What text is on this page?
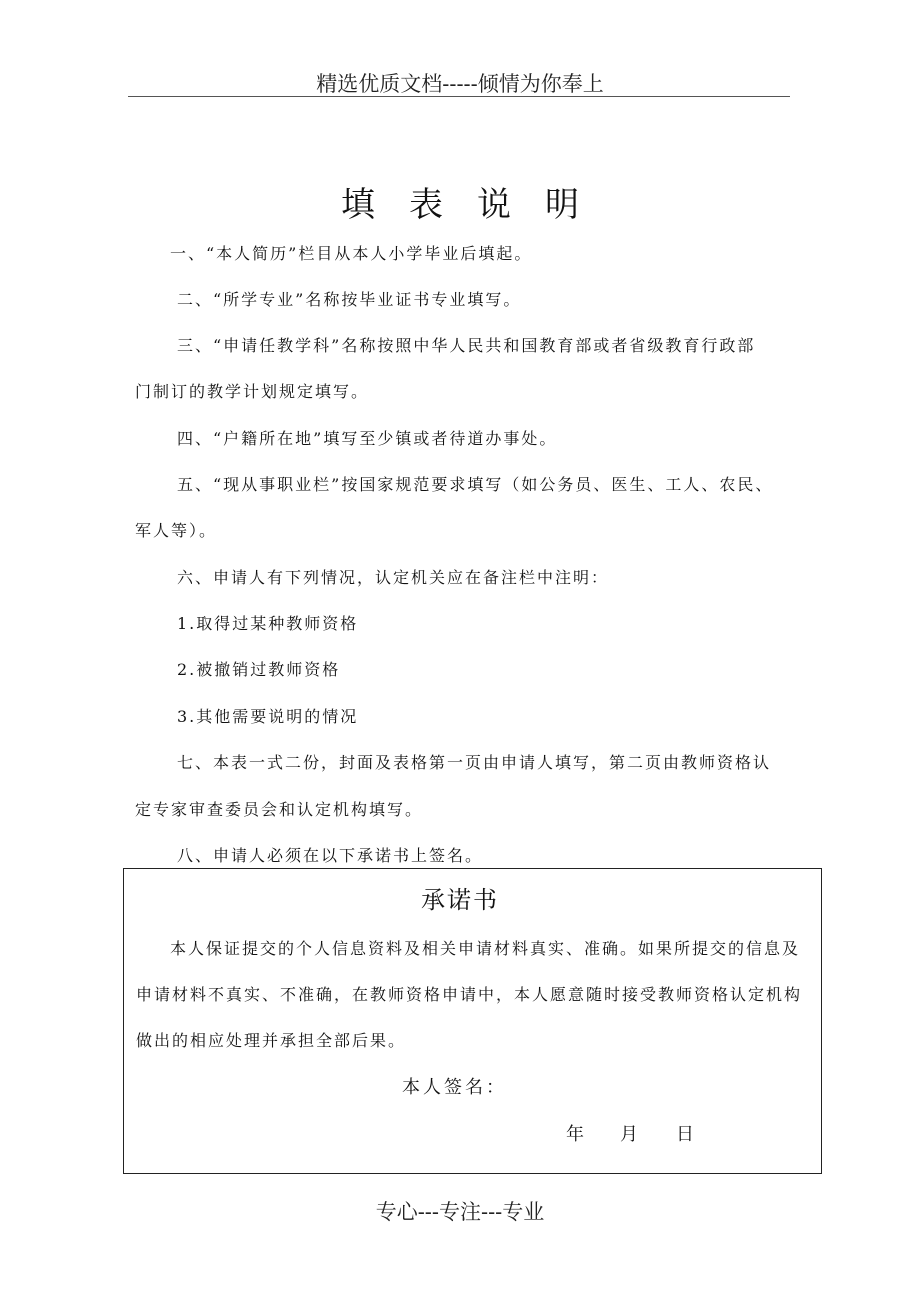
精选优质文档-----倾情为你奉上
填表说明
一、“本人简历”栏目从本人小学毕业后填起。
二、“所学专业”名称按毕业证书专业填写。
三、“申请任教学科”名称按照中华人民共和国教育部或者省级教育行政部
门制订的教学计划规定填写。
四、“户籍所在地”填写至少镇或者待道办事处。
五、“现从事职业栏”按国家规范要求填写（如公务员、医生、工人、农民、
军人等）。
六、申请人有下列情况，认定机关应在备注栏中注明：
1.取得过某种教师资格
2.被撤销过教师资格
3.其他需要说明的情况
七、本表一式二份，封面及表格第一页由申请人填写，第二页由教师资格认
定专家审查委员会和认定机构填写。
八、申请人必须在以下承诺书上签名。
承诺书
本人保证提交的个人信息资料及相关申请材料真实、准确。如果所提交的信息及
申请材料不真实、不准确，在教师资格申请中，本人愿意随时接受教师资格认定机构
做出的相应处理并承担全部后果。
本人签名：
年 月 日
专心---专注---专业
